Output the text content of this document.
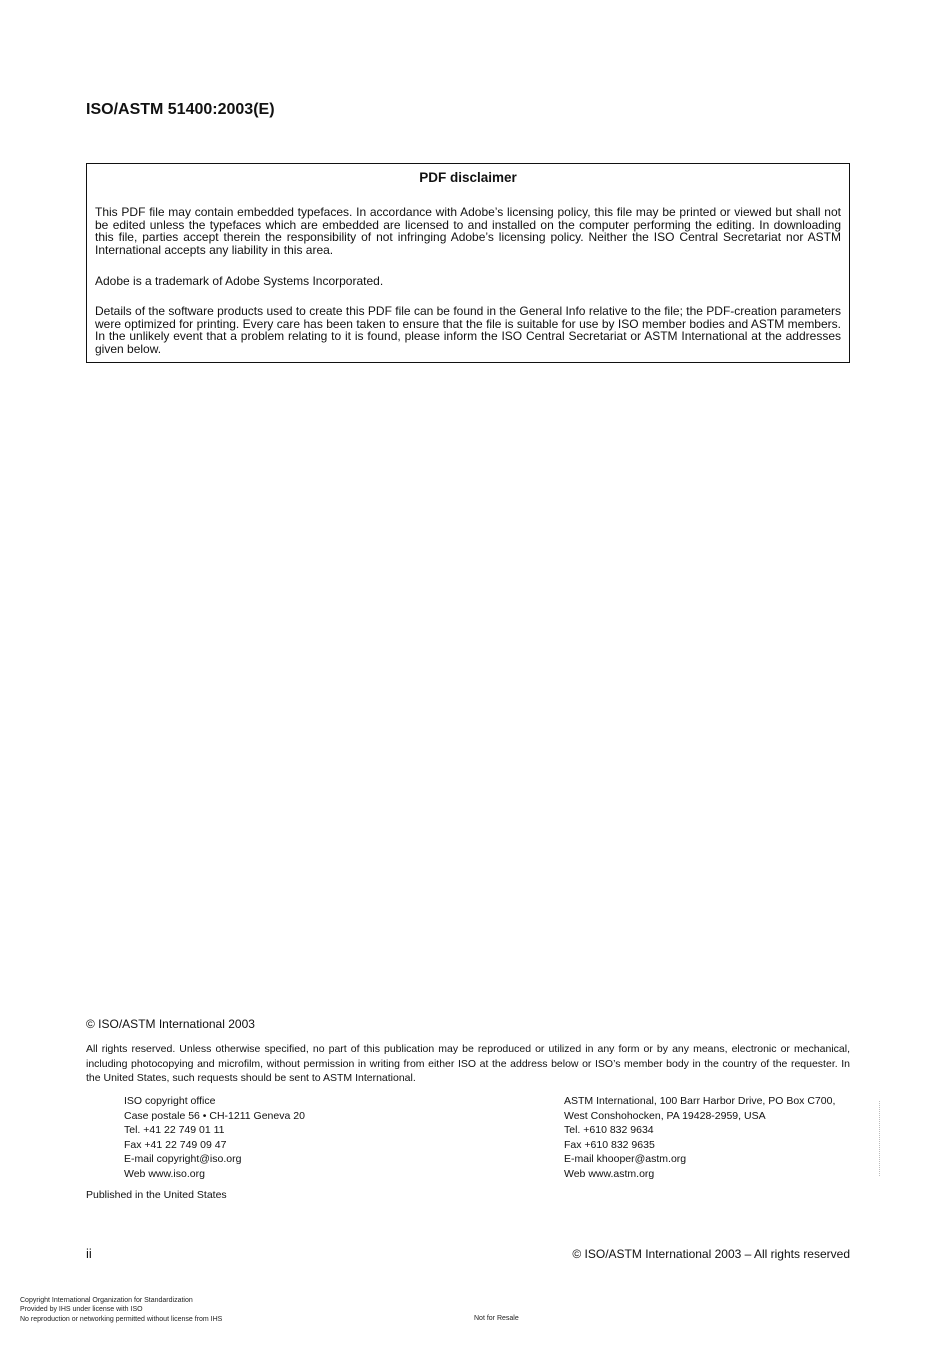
ISO/ASTM 51400:2003(E)

PDF disclaimer

This PDF file may contain embedded typefaces. In accordance with Adobe’s licensing policy, this file may be printed or viewed but shall not be edited unless the typefaces which are embedded are licensed to and installed on the computer performing the editing. In downloading this file, parties accept therein the responsibility of not infringing Adobe’s licensing policy. Neither the ISO Central Secretariat nor ASTM International accepts any liability in this area.

Adobe is a trademark of Adobe Systems Incorporated.

Details of the software products used to create this PDF file can be found in the General Info relative to the file; the PDF-creation parameters were optimized for printing. Every care has been taken to ensure that the file is suitable for use by ISO member bodies and ASTM members. In the unlikely event that a problem relating to it is found, please inform the ISO Central Secretariat or ASTM International at the addresses given below.

© ISO/ASTM International 2003

All rights reserved. Unless otherwise specified, no part of this publication may be reproduced or utilized in any form or by any means, electronic or mechanical, including photocopying and microfilm, without permission in writing from either ISO at the address below or ISO’s member body in the country of the requester. In the United States, such requests should be sent to ASTM International.

ISO copyright office
Case postale 56 • CH-1211 Geneva 20
Tel. +41 22 749 01 11
Fax +41 22 749 09 47
E-mail copyright@iso.org
Web www.iso.org
ASTM International, 100 Barr Harbor Drive, PO Box C700,
West Conshohocken, PA 19428-2959, USA
Tel. +610 832 9634
Fax +610 832 9635
E-mail khooper@astm.org
Web www.astm.org

Published in the United States

ii	© ISO/ASTM International 2003 – All rights reserved

Copyright International Organization for Standardization
Provided by IHS under license with ISO
No reproduction or networking permitted without license from IHS	Not for Resale
